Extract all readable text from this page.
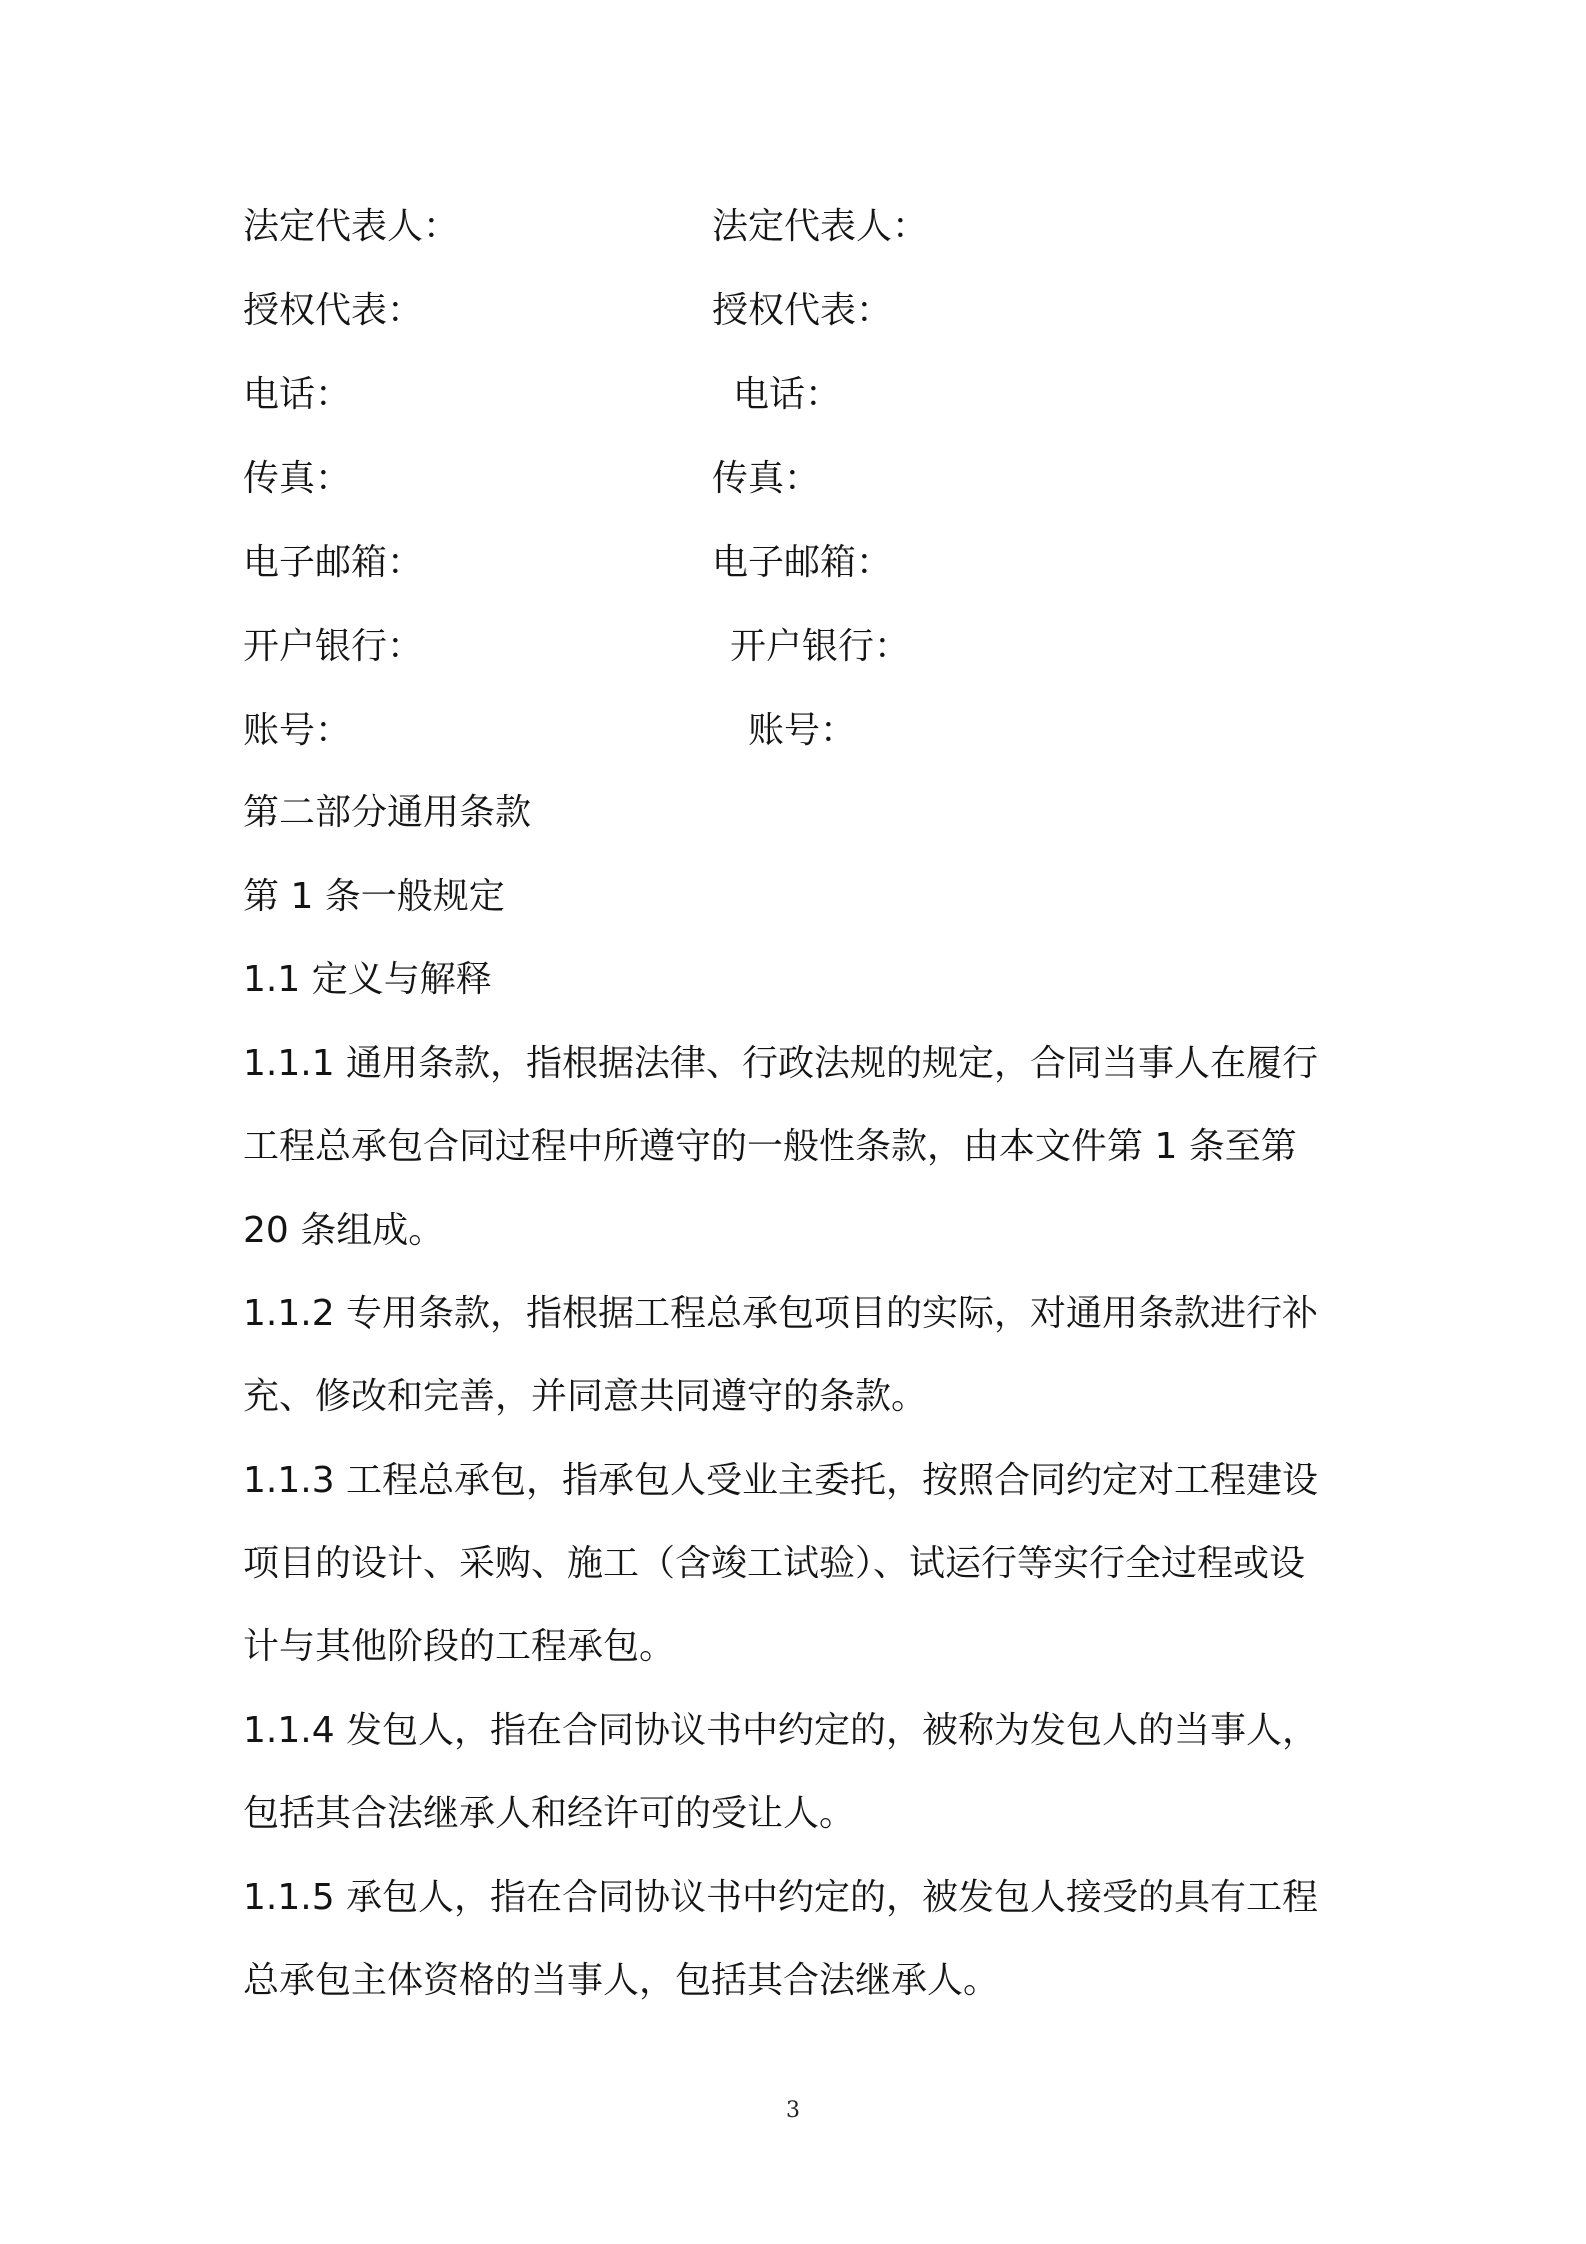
法定代表人：	法定代表人：
授权代表：	授权代表：
电话：	电话：
传真：	传真：
电子邮箱：	电子邮箱：
开户银行：	开户银行：
账号：	账号：
第二部分通用条款
第 1 条一般规定
1.1 定义与解释
1.1.1 通用条款，指根据法律、行政法规的规定，合同当事人在履行
工程总承包合同过程中所遵守的一般性条款，由本文件第 1 条至第
20 条组成。
1.1.2 专用条款，指根据工程总承包项目的实际，对通用条款进行补
充、修改和完善，并同意共同遵守的条款。
1.1.3 工程总承包，指承包人受业主委托，按照合同约定对工程建设
项目的设计、采购、施工（含竣工试验）、试运行等实行全过程或设
计与其他阶段的工程承包。
1.1.4 发包人，指在合同协议书中约定的，被称为发包人的当事人，
包括其合法继承人和经许可的受让人。
1.1.5 承包人，指在合同协议书中约定的，被发包人接受的具有工程
总承包主体资格的当事人，包括其合法继承人。
3
